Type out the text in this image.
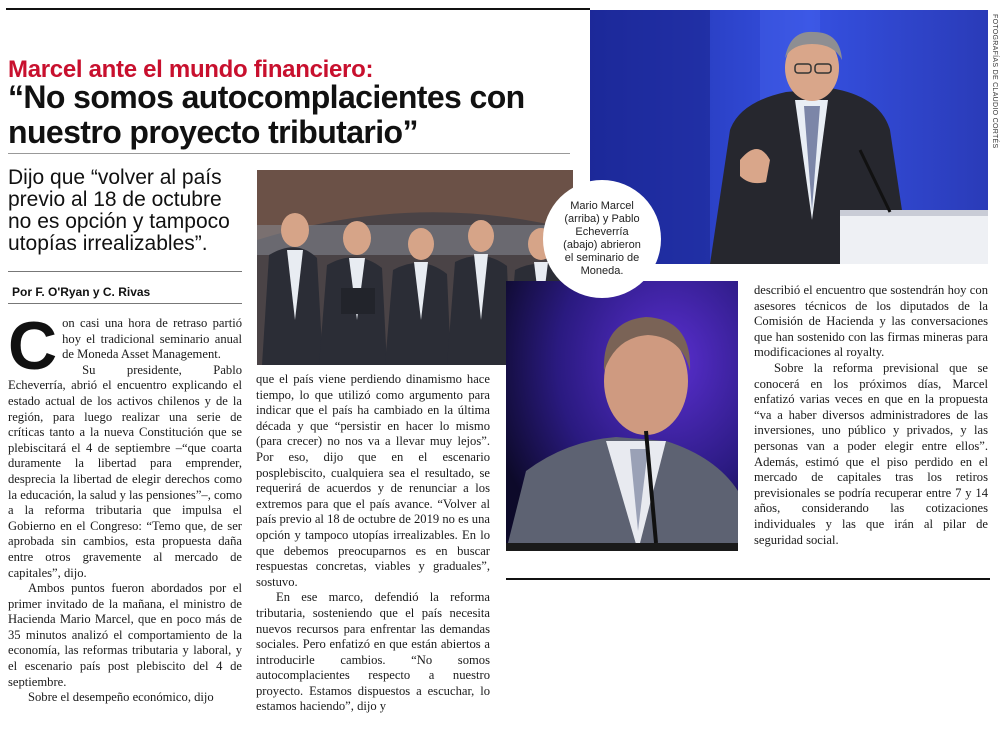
Marcel ante el mundo financiero:
“No somos autocomplacientes con nuestro proyecto tributario”
Dijo que “volver al país previo al 18 de octubre no es opción y tampoco utopías irrealizables”.
Por F. O'Ryan y C. Rivas
FOTOGRAFÍAS DE CLAUDIO CORTÉS
Mario Marcel (arriba) y Pablo Echeverría (abajo) abrieron el seminario de Moneda.

Con casi una hora de retraso partió hoy el tradicional seminario anual de Moneda Asset Management.

Su presidente, Pablo Echeverría, abrió el encuentro explicando el estado actual de los activos chilenos y de la región, para luego realizar una serie de críticas tanto a la nueva Constitución que se plebiscitará el 4 de septiembre –“que coarta duramente la libertad para emprender, desprecia la libertad de elegir derechos como la educación, la salud y las pensiones”–, como a la reforma tributaria que impulsa el Gobierno en el Congreso: “Temo que, de ser aprobada sin cambios, esta propuesta daña entre otros gravemente al mercado de capitales”, dijo.

Ambos puntos fueron abordados por el primer invitado de la mañana, el ministro de Hacienda Mario Marcel, que en poco más de 35 minutos analizó el comportamiento de la economía, las reformas tributaria y laboral, y el escenario país post plebiscito del 4 de septiembre.

Sobre el desempeño económico, dijo

que el país viene perdiendo dinamismo hace tiempo, lo que utilizó como argumento para indicar que el país ha cambiado en la última década y que “persistir en hacer lo mismo (para crecer) no nos va a llevar muy lejos”. Por eso, dijo que en el escenario posplebiscito, cualquiera sea el resultado, se requerirá de acuerdos y de renunciar a los extremos para que el país avance. “Volver al país previo al 18 de octubre de 2019 no es una opción y tampoco utopías irrealizables. En lo que debemos preocuparnos es en buscar respuestas concretas, viables y graduales”, sostuvo.

En ese marco, defendió la reforma tributaria, sosteniendo que el país necesita nuevos recursos para enfrentar las demandas sociales. Pero enfatizó en que están abiertos a introducirle cambios. “No somos autocomplacientes respecto a nuestro proyecto. Estamos dispuestos a escuchar, lo estamos haciendo”, dijo y

describió el encuentro que sostendrán hoy con asesores técnicos de los diputados de la Comisión de Hacienda y las conversaciones que han sostenido con las firmas mineras para modificaciones al royalty.

Sobre la reforma previsional que se conocerá en los próximos días, Marcel enfatizó varias veces en que en la propuesta “va a haber diversos administradores de las inversiones, uno público y privados, y las personas van a poder elegir entre ellos”. Además, estimó que el piso perdido en el mercado de capitales tras los retiros previsionales se podría recuperar entre 7 y 14 años, considerando las cotizaciones individuales y las que irán al pilar de seguridad social.
